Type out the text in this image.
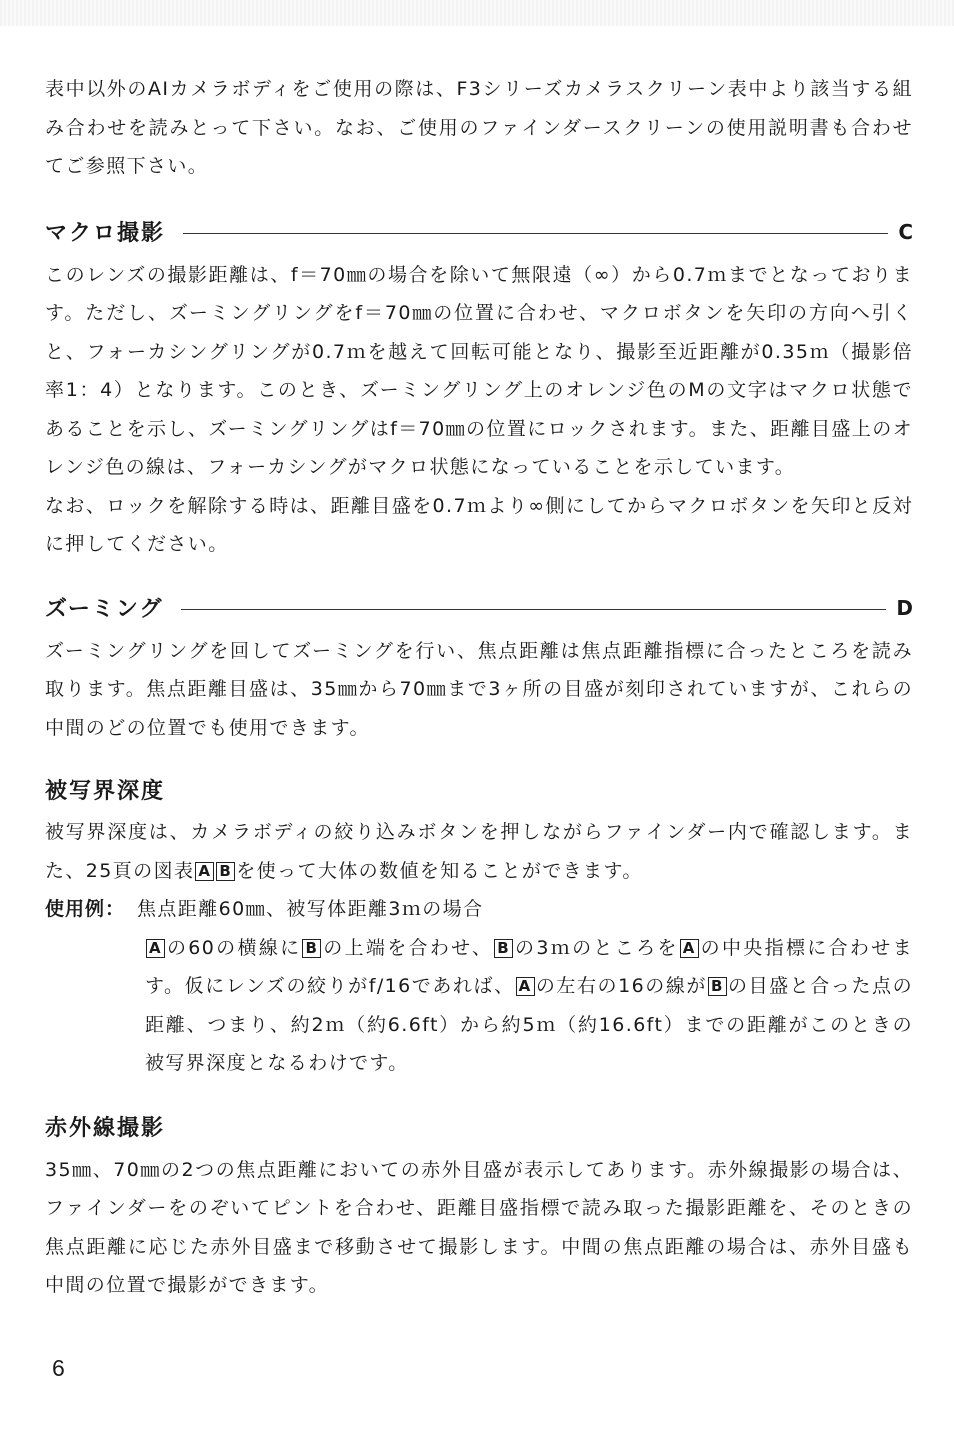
表中以外のAIカメラボディをご使用の際は、F3シリーズカメラスクリーン表中より該当する組み合わせを読みとって下さい。なお、ご使用のファインダースクリーンの使用説明書も合わせてご参照下さい。

マクロ撮影	C

このレンズの撮影距離は、f＝70㎜の場合を除いて無限遠（∞）から0.7ｍまでとなっております。ただし、ズーミングリングをf＝70㎜の位置に合わせ、マクロボタンを矢印の方向へ引くと、フォーカシングリングが0.7ｍを越えて回転可能となり、撮影至近距離が0.35ｍ（撮影倍率1：4）となります。このとき、ズーミングリング上のオレンジ色のMの文字はマクロ状態であることを示し、ズーミングリングはf＝70㎜の位置にロックされます。また、距離目盛上のオレンジ色の線は、フォーカシングがマクロ状態になっていることを示しています。

なお、ロックを解除する時は、距離目盛を0.7ｍより∞側にしてからマクロボタンを矢印と反対に押してください。

ズーミング	D

ズーミングリングを回してズーミングを行い、焦点距離は焦点距離指標に合ったところを読み取ります。焦点距離目盛は、35㎜から70㎜まで3ヶ所の目盛が刻印されていますが、これらの中間のどの位置でも使用できます。

被写界深度

被写界深度は、カメラボディの絞り込みボタンを押しながらファインダー内で確認します。また、25頁の図表 A B を使って大体の数値を知ることができます。

使用例： 焦点距離60㎜、被写体距離3ｍの場合

A の60の横線に B の上端を合わせ、 B の3ｍのところを A の中央指標に合わせます。仮にレンズの絞りがf/16であれば、 A の左右の16の線が B の目盛と合った点の距離、つまり、約2ｍ（約6.6ft）から約5ｍ（約16.6ft）までの距離がこのときの被写界深度となるわけです。

赤外線撮影

35㎜、70㎜の2つの焦点距離においての赤外目盛が表示してあります。赤外線撮影の場合は、ファインダーをのぞいてピントを合わせ、距離目盛指標で読み取った撮影距離を、そのときの焦点距離に応じた赤外目盛まで移動させて撮影します。中間の焦点距離の場合は、赤外目盛も中間の位置で撮影ができます。

6
